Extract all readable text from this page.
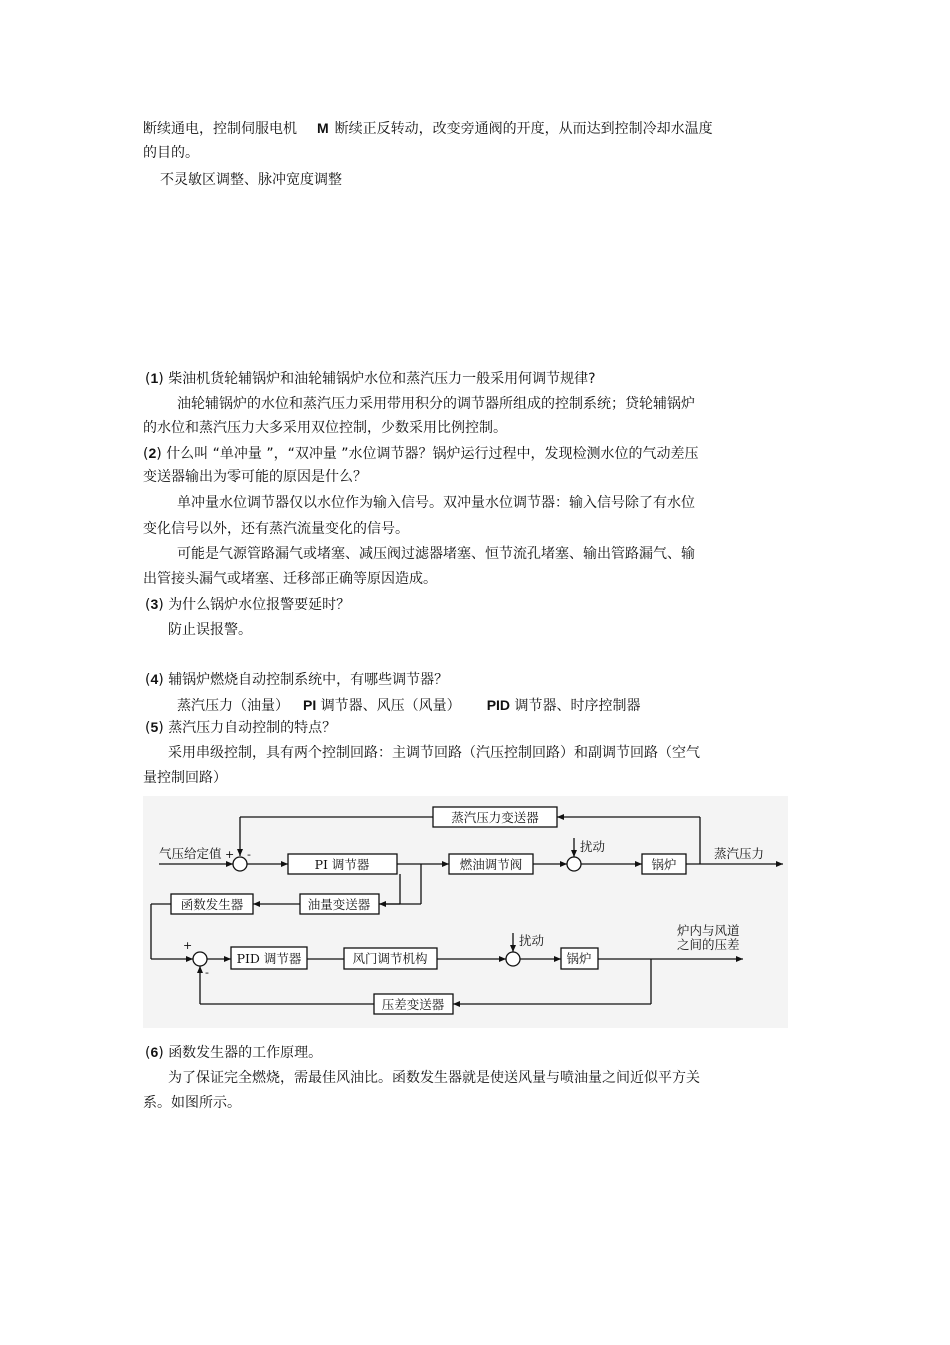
断续通电，控制伺服电机 M 断续正反转动，改变旁通阀的开度，从而达到控制冷却水温度
的目的。
不灵敏区调整、脉冲宽度调整
(1) 柴油机货轮辅锅炉和油轮辅锅炉水位和蒸汽压力一般采用何调节规律?
油轮辅锅炉的水位和蒸汽压力采用带用积分的调节器所组成的控制系统；贷轮辅锅炉
的水位和蒸汽压力大多采用双位控制，少数采用比例控制。
(2) 什么叫 “单冲量 ”，“双冲量 ”水位调节器？锅炉运行过程中，发现检测水位的气动差压
变送器输出为零可能的原因是什么？
单冲量水位调节器仅以水位作为输入信号。双冲量水位调节器：输入信号除了有水位
变化信号以外，还有蒸汽流量变化的信号。
可能是气源管路漏气或堵塞、减压阀过滤器堵塞、恒节流孔堵塞、输出管路漏气、输
出管接头漏气或堵塞、迁移部正确等原因造成。
(3) 为什么锅炉水位报警要延时？
防止误报警。
(4) 辅锅炉燃烧自动控制系统中，有哪些调节器？
蒸汽压力（油量） PI 调节器、风压（风量） PID 调节器、时序控制器
(5) 蒸汽压力自动控制的特点？
采用串级控制，具有两个控制回路：主调节回路（汽压控制回路）和副调节回路（空气
量控制回路）
蒸汽压力变送器
气压给定值 + -
PI 调节器	燃油调节阀
扰动
锅炉
蒸汽压力
油量变送器
函数发生器
+
-
PID 调节器	风门调节机构
扰动
锅炉
炉内与风道
之间的压差
压差变送器
(6) 函数发生器的工作原理。
为了保证完全燃烧，需最佳风油比。函数发生器就是使送风量与喷油量之间近似平方关
系。如图所示。
